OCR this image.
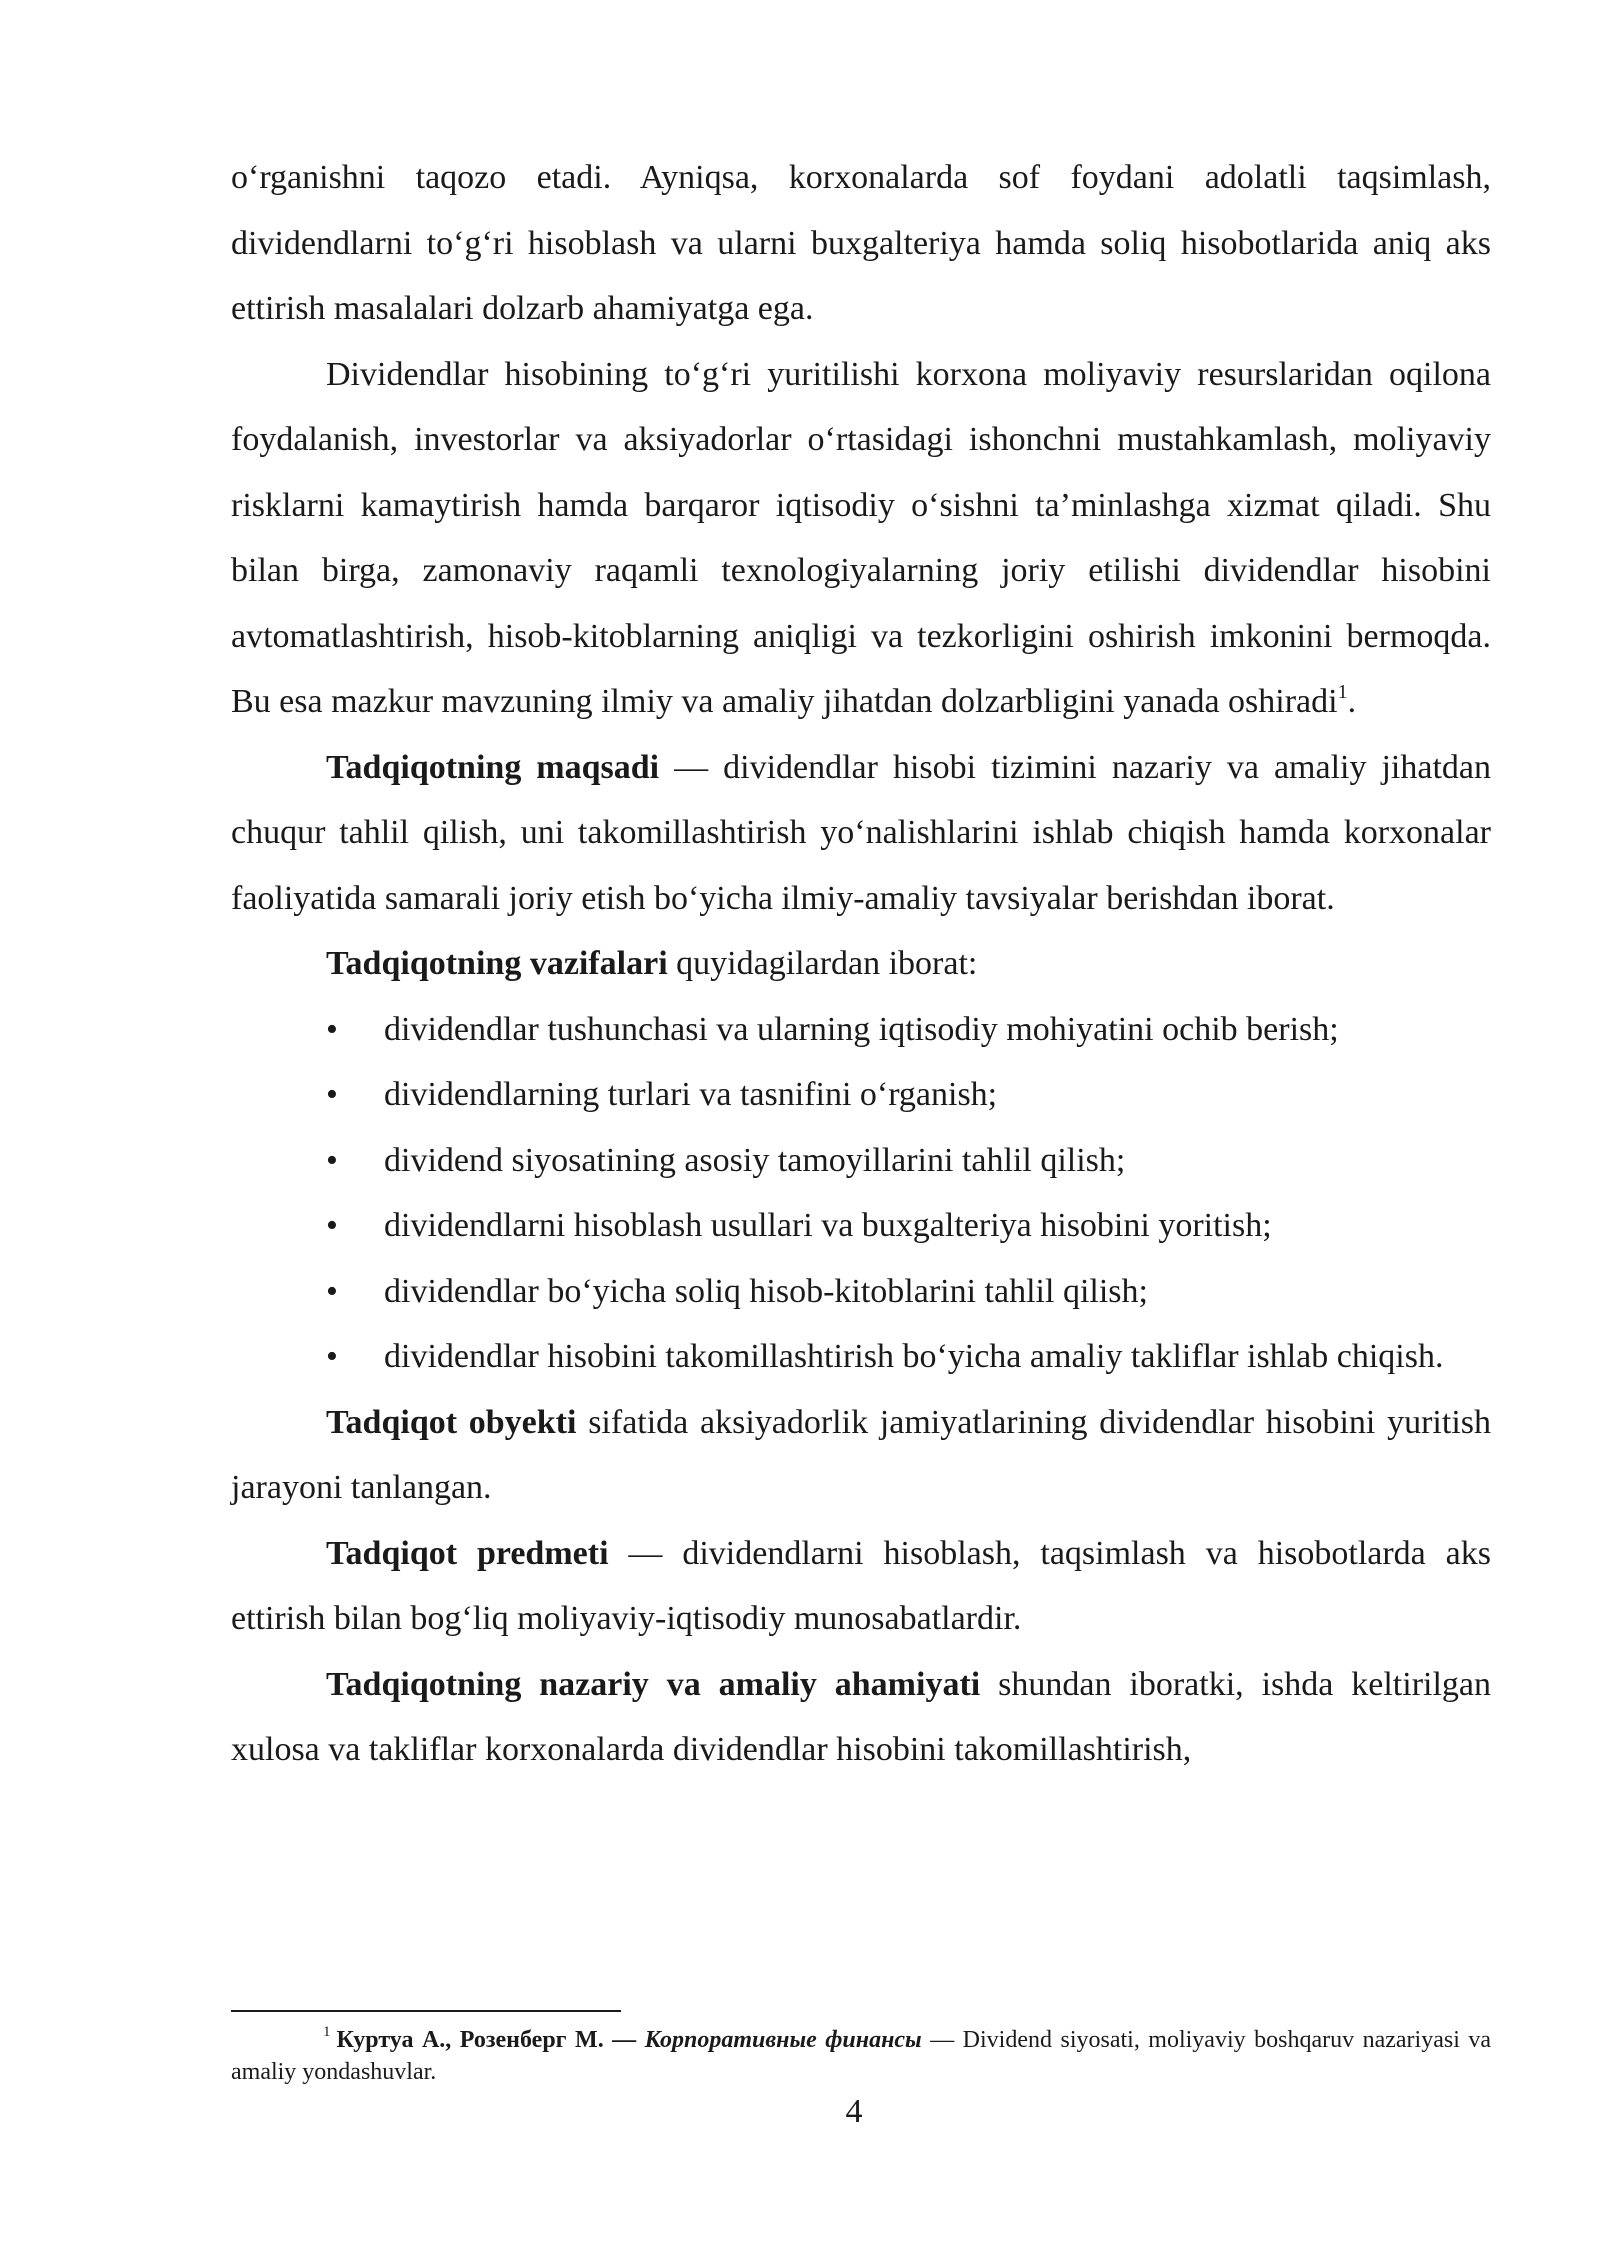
o‘rganishni taqozo etadi. Ayniqsa, korxonalarda sof foydani adolatli taqsimlash, dividendlarni to‘g‘ri hisoblash va ularni buxgalteriya hamda soliq hisobotlarida aniq aks ettirish masalalari dolzarb ahamiyatga ega.

Dividendlar hisobining to‘g‘ri yuritilishi korxona moliyaviy resurslaridan oqilona foydalanish, investorlar va aksiyadorlar o‘rtasidagi ishonchni mustahkamlash, moliyaviy risklarni kamaytirish hamda barqaror iqtisodiy o‘sishni ta’minlashga xizmat qiladi. Shu bilan birga, zamonaviy raqamli texnologiyalarning joriy etilishi dividendlar hisobini avtomatlashtirish, hisob-kitoblarning aniqligi va tezkorligini oshirish imkonini bermoqda. Bu esa mazkur mavzuning ilmiy va amaliy jihatdan dolzarbligini yanada oshiradi$^1$.

Tadqiqotning maqsadi — dividendlar hisobi tizimini nazariy va amaliy jihatdan chuqur tahlil qilish, uni takomillashtirish yo‘nalishlarini ishlab chiqish hamda korxonalar faoliyatida samarali joriy etish bo‘yicha ilmiy-amaliy tavsiyalar berishdan iborat.

Tadqiqotning vazifalari quyidagilardan iborat:

• dividendlar tushunchasi va ularning iqtisodiy mohiyatini ochib berish;
• dividendlarning turlari va tasnifini o‘rganish;
• dividend siyosatining asosiy tamoyillarini tahlil qilish;
• dividendlarni hisoblash usullari va buxgalteriya hisobini yoritish;
• dividendlar bo‘yicha soliq hisob-kitoblarini tahlil qilish;
• dividendlar hisobini takomillashtirish bo‘yicha amaliy takliflar ishlab chiqish.

Tadqiqot obyekti sifatida aksiyadorlik jamiyatlarining dividendlar hisobini yuritish jarayoni tanlangan.

Tadqiqot predmeti — dividendlarni hisoblash, taqsimlash va hisobotlarda aks ettirish bilan bog‘liq moliyaviy-iqtisodiy munosabatlardir.

Tadqiqotning nazariy va amaliy ahamiyati shundan iboratki, ishda keltirilgan xulosa va takliflar korxonalarda dividendlar hisobini takomillashtirish,

$^1$ Куртуа А., Розенберг М. — Корпоративные финансы — Dividend siyosati, moliyaviy boshqaruv nazariyasi va amaliy yondashuvlar.
4
